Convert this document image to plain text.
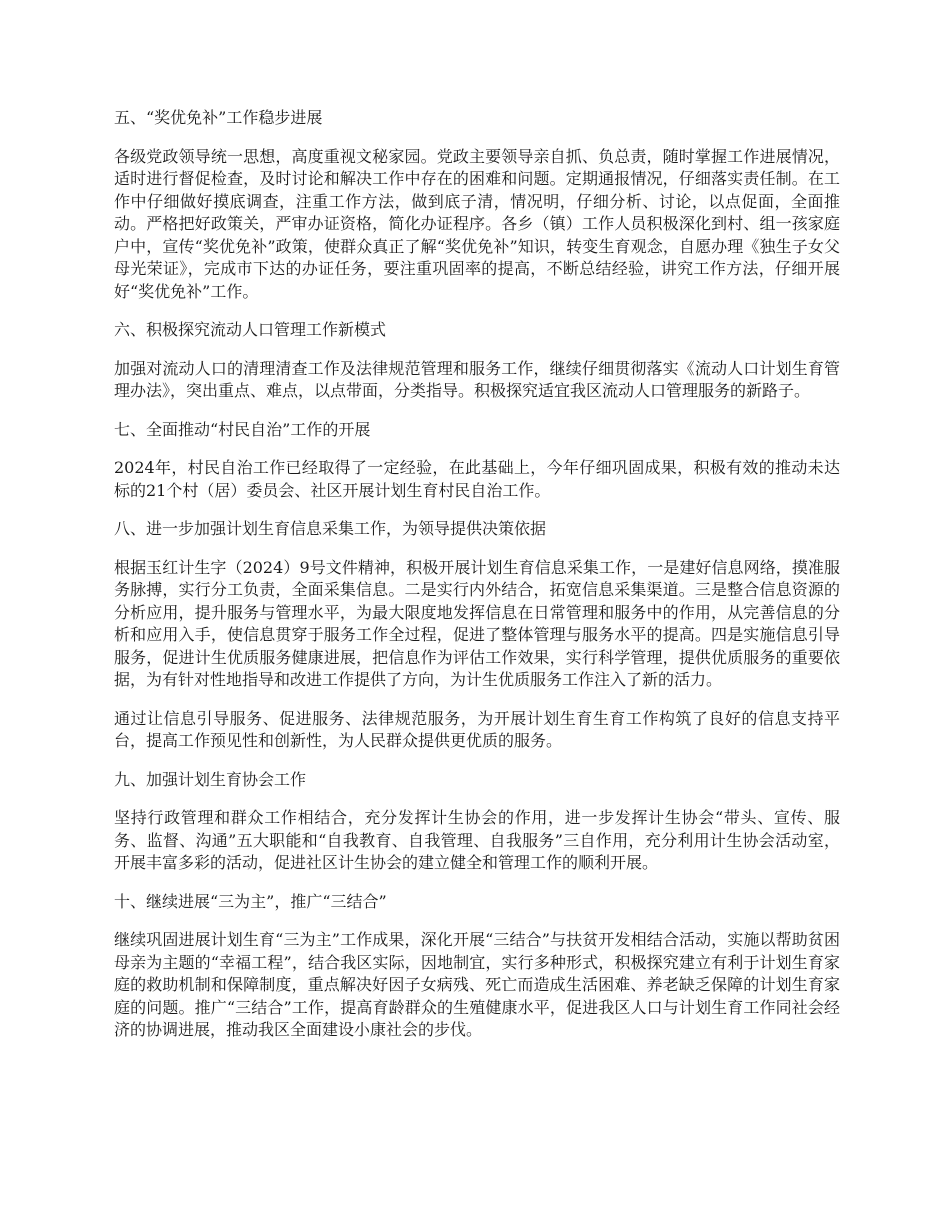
五、“奖优免补”工作稳步进展

各级党政领导统一思想，高度重视文秘家园。党政主要领导亲自抓、负总责，随时掌握工作进展情况，适时进行督促检查，及时讨论和解决工作中存在的困难和问题。定期通报情况，仔细落实责任制。在工作中仔细做好摸底调查，注重工作方法，做到底子清，情况明，仔细分析、讨论，以点促面，全面推动。严格把好政策关，严审办证资格，简化办证程序。各乡（镇）工作人员积极深化到村、组一孩家庭户中，宣传“奖优免补”政策，使群众真正了解“奖优免补”知识，转变生育观念，自愿办理《独生子女父母光荣证》，完成市下达的办证任务，要注重巩固率的提高，不断总结经验，讲究工作方法，仔细开展好“奖优免补”工作。

六、积极探究流动人口管理工作新模式

加强对流动人口的清理清查工作及法律规范管理和服务工作，继续仔细贯彻落实《流动人口计划生育管理办法》，突出重点、难点，以点带面，分类指导。积极探究适宜我区流动人口管理服务的新路子。

七、全面推动“村民自治”工作的开展

2024年，村民自治工作已经取得了一定经验，在此基础上，今年仔细巩固成果，积极有效的推动未达标的21个村（居）委员会、社区开展计划生育村民自治工作。

八、进一步加强计划生育信息采集工作，为领导提供决策依据

根据玉红计生字（2024）9号文件精神，积极开展计划生育信息采集工作，一是建好信息网络，摸准服务脉搏，实行分工负责，全面采集信息。二是实行内外结合，拓宽信息采集渠道。三是整合信息资源的分析应用，提升服务与管理水平，为最大限度地发挥信息在日常管理和服务中的作用，从完善信息的分析和应用入手，使信息贯穿于服务工作全过程，促进了整体管理与服务水平的提高。四是实施信息引导服务，促进计生优质服务健康进展，把信息作为评估工作效果，实行科学管理，提供优质服务的重要依据，为有针对性地指导和改进工作提供了方向，为计生优质服务工作注入了新的活力。

通过让信息引导服务、促进服务、法律规范服务，为开展计划生育生育工作构筑了良好的信息支持平台，提高工作预见性和创新性，为人民群众提供更优质的服务。

九、加强计划生育协会工作

坚持行政管理和群众工作相结合，充分发挥计生协会的作用，进一步发挥计生协会“带头、宣传、服务、监督、沟通”五大职能和“自我教育、自我管理、自我服务”三自作用，充分利用计生协会活动室，开展丰富多彩的活动，促进社区计生协会的建立健全和管理工作的顺利开展。

十、继续进展“三为主”，推广“三结合”

继续巩固进展计划生育“三为主”工作成果，深化开展“三结合”与扶贫开发相结合活动，实施以帮助贫困母亲为主题的“幸福工程”，结合我区实际，因地制宜，实行多种形式，积极探究建立有利于计划生育家庭的救助机制和保障制度，重点解决好因子女病残、死亡而造成生活困难、养老缺乏保障的计划生育家庭的问题。推广“三结合”工作，提高育龄群众的生殖健康水平，促进我区人口与计划生育工作同社会经济的协调进展，推动我区全面建设小康社会的步伐。
